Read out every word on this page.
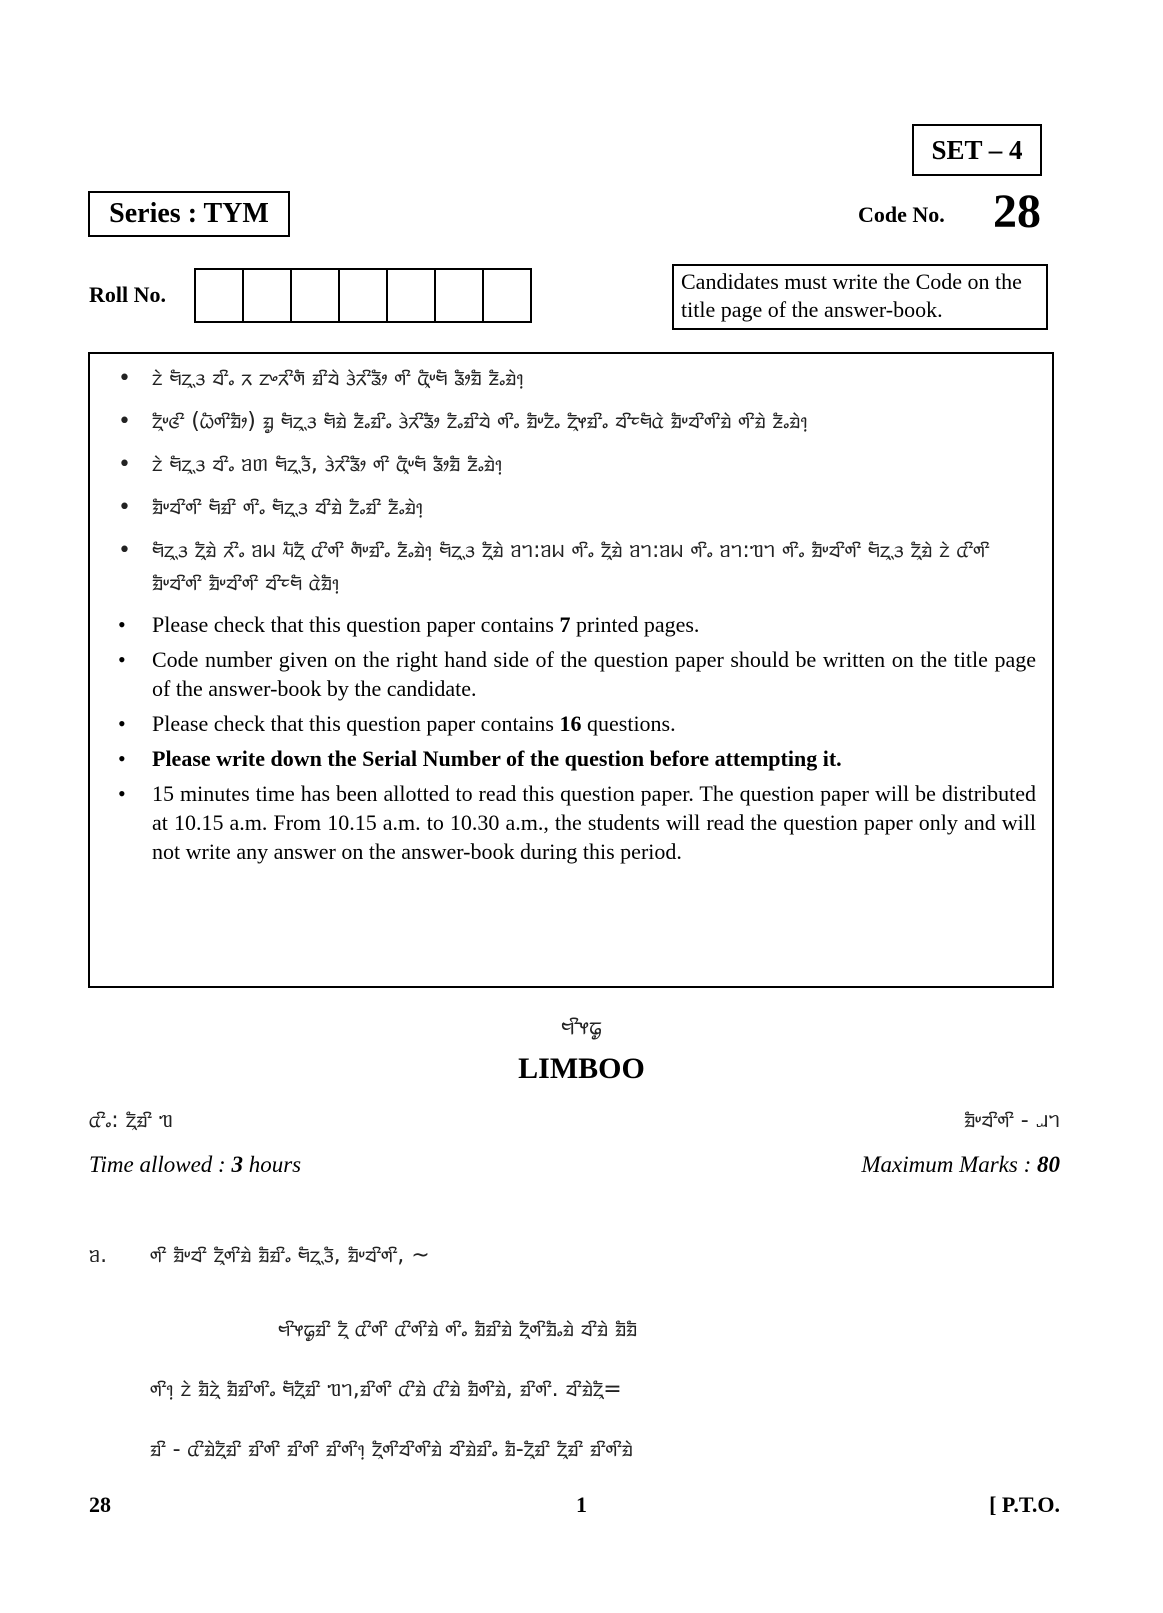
SET – 4
Series : TYM	Code No. 28
Roll No.
Candidates must write the Code on the title page of the answer-book.
• ᤁᤧ ᤗᤠᤁᤪᤷᤋ ᤔᤡᤱ ᤖ ᤁᤴᤖᤡᤛᤠ ᤀᤡᤔᤧ ᤋᤧᤖᤡᤕᤥ ᤛᤡ ᤂᤪᤠᤸᤗᤠ ᤕᤥᤀᤠ ᤏᤠᤱᤀᤧ᥄
• ᤁᤪᤠᤸᤜᤡ (ᤐᤠᤛᤡᤀᤥ) ᤀᤢ ᤗᤠᤁᤪᤷᤋ ᤗᤠᤀᤧ ᤏᤠᤱᤀᤡᤱ ᤋᤧᤖᤡᤕᤥ ᤁᤠᤱᤀᤡᤔᤧ ᤛᤡᤱ ᤀᤠᤸᤁᤠᤱ ᤁᤪᤠᤶᤀᤡᤱ ᤔᤡᤰᤗᤠᤂᤧ ᤀᤠᤸᤔᤡᤛᤡᤀᤧ ᤛᤡᤀᤧ ᤏᤠᤱᤀᤧ᥄
• ᤁᤧ ᤗᤠᤁᤪᤷᤋ ᤔᤡᤱ ᥑᥖ ᤗᤠᤁᤪᤷᤋᤠ, ᤋᤧᤖᤡᤕᤥ ᤛᤡ ᤂᤪᤠᤸᤗᤠ ᤕᤥᤀᤠ ᤏᤠᤱᤀᤧ᥄
• ᤀᤠᤸᤔᤡᤛᤡ ᤗᤠᤀᤡ ᤛᤡᤱ ᤗᤠᤁᤪᤷᤋ ᤔᤡᤀᤧ ᤁᤠᤱᤀᤡ ᤏᤠᤱᤀᤧ᥄
• ᤗᤠᤁᤪᤷᤋ ᤁᤪᤠᤀᤧ ᤖᤡᤱ ᥑᥕ ᤘᤠᤁᤪᤠ ᤂᤡᤛᤡ ᤛᤠᤸᤀᤡᤱ ᤏᤠᤱᤀᤧ᥄ ᤗᤠᤁᤪᤷᤋ ᤁᤪᤠᤀᤧ ᥑᥐ:ᥑᥕ ᤛᤡᤱ ᤁᤪᤠᤀᤧ ᥑᥐ:ᥑᥕ ᤛᤡᤱ ᥑᥐ:ᥓᥐ ᤛᤡᤱ ᤀᤠᤸᤔᤡᤛᤡ ᤗᤠᤁᤪᤷᤋ ᤁᤪᤠᤀᤧ ᤁᤧ ᤂᤡᤛᤡ ᤀᤠᤸᤔᤡᤛᤡ ᤀᤠᤸᤔᤡᤛᤡ ᤔᤡᤰᤗᤠ ᤂᤧᤀᤠ᥄
• Please check that this question paper contains 7 printed pages.
• Code number given on the right hand side of the question paper should be written on the title page of the answer-book by the candidate.
• Please check that this question paper contains 16 questions.
• Please write down the Serial Number of the question before attempting it.
• 15 minutes time has been allotted to read this question paper. The question paper will be distributed at 10.15 a.m. From 10.15 a.m. to 10.30 a.m., the students will read the question paper only and will not write any answer on the answer-book during this period.
ᤗᤡᤶᤒᤢ
LIMBOO
ᤂᤡᤱ: ᤁᤪᤠᤀᤡ ᥓ	ᤀᤠᤸᤔᤡᤛᤡ - ᥘᥐ
Time allowed : 3 hours	Maximum Marks : 80
ᥑ. ᤛᤡ ᤀᤠᤸᤔᤡ ᤁᤪᤠᤛᤡᤀᤧ ᤀᤠᤀᤡᤱ ᤗᤠᤁᤪᤷᤋᤠ, ᤀᤠᤸᤔᤡᤛᤡ, ~

ᤗᤡᤶᤒᤢᤀᤡ ᤁᤪᤠ ᤂᤡᤛᤡ ᤂᤡᤛᤡᤀᤧ ᤛᤡᤱ ᤀᤠᤀᤡᤀᤧ ᤁᤪᤠᤛᤡᤀᤠᤱᤀᤧ ᤔᤡᤀᤧ ᤀᤠᤀᤠ

ᤛᤡ᥄ ᤁᤧ ᤀᤠᤁᤪᤧ ᤀᤠᤀᤡᤛᤡᤱ ᤗᤠᤁᤪᤠᤀᤡ ᥓᥐ,ᤀᤡᤛᤡ ᤂᤡᤀᤧ ᤂᤡᤀᤧ ᤀᤠᤛᤡᤀᤧ, ᤀᤡᤛᤡ. ᤔᤡᤀᤧᤁᤪᤠ=

ᤀᤡ - ᤂᤡᤀᤧᤁᤪᤠᤀᤡ ᤀᤡᤛᤡ ᤀᤡᤛᤡ ᤀᤡᤛᤡ᥄ ᤁᤪᤠᤛᤡᤔᤡᤛᤡᤀᤧ ᤔᤡᤀᤧᤀᤡᤱ ᤀᤠ-ᤁᤪᤠᤀᤡ ᤁᤪᤠᤀᤡ ᤀᤡᤛᤡᤀᤧ

28	1	[ P.T.O.
